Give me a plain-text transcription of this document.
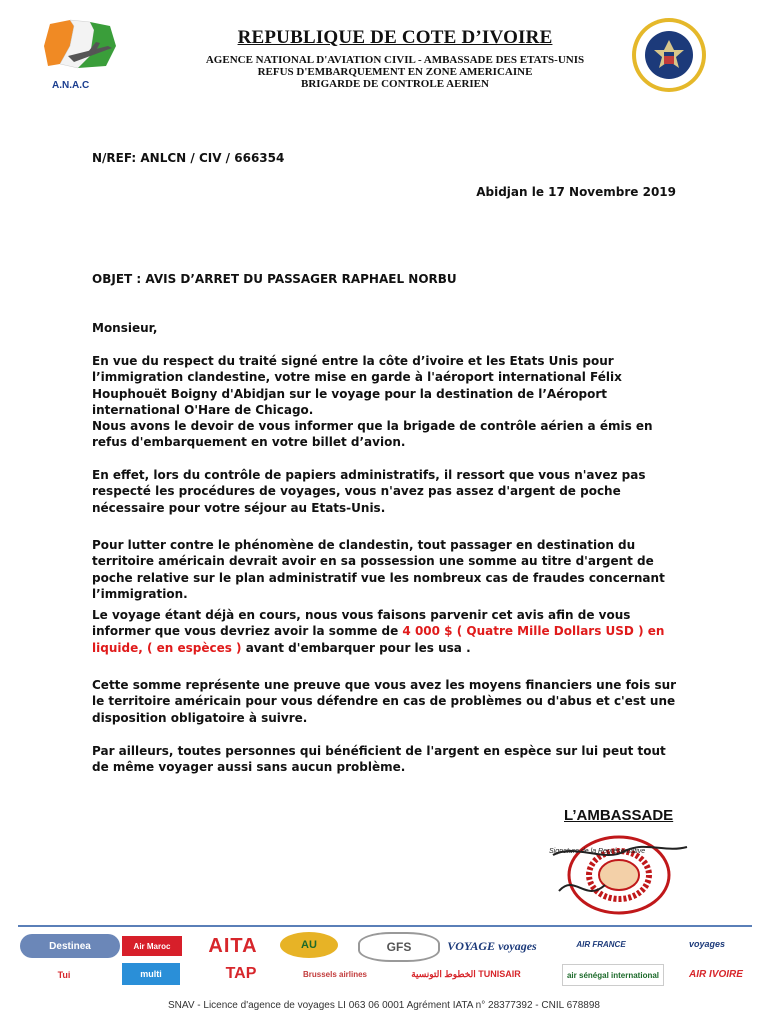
A.N.A.C
REPUBLIQUE DE COTE D’IVOIRE
AGENCE NATIONAL D'AVIATION CIVIL - AMBASSADE DES ETATS-UNIS
REFUS D'EMBARQUEMENT EN ZONE AMERICAINE
BRIGARDE DE CONTROLE AERIEN
N/REF: ANLCN / CIV / 666354
Abidjan le 17 Novembre 2019
OBJET : AVIS D’ARRET DU PASSAGER RAPHAEL NORBU
Monsieur,
En vue du respect du traité signé entre la côte d’ivoire et les Etats Unis pour l’immigration clandestine, votre mise en garde à l'aéroport international Félix Houphouët Boigny d'Abidjan sur le voyage pour la destination de l’Aéroport international O'Hare de Chicago.
Nous avons le devoir de vous informer que la brigade de contrôle aérien a émis en refus d'embarquement en votre billet d’avion.
En effet, lors du contrôle de papiers administratifs, il ressort que vous n'avez pas respecté les procédures de voyages, vous n'avez pas assez d'argent de poche nécessaire pour votre séjour au Etats-Unis.
Pour lutter contre le phénomène de clandestin, tout passager en destination du territoire américain devrait avoir en sa possession une somme au titre d'argent de poche relative sur le plan administratif vue les nombreux cas de fraudes concernant l’immigration.
Le voyage étant déjà en cours, nous vous faisons parvenir cet avis afin de vous informer que vous devriez avoir la somme de 4 000 $ ( Quatre Mille Dollars USD ) en liquide, ( en espèces ) avant d'embarquer pour les usa .
Cette somme représente une preuve que vous avez les moyens financiers une fois sur le territoire américain pour vous défendre en cas de problèmes ou d'abus et c'est une disposition obligatoire à suivre.
Par ailleurs, toutes personnes qui bénéficient de l'argent en espèce sur lui peut tout de même voyager aussi sans aucun problème.
L’AMBASSADE
Signature de la Représentative
Destinea	Air Maroc	AITA	AU	GFS	VOYAGE voyages	AIR FRANCE	voyages
Tui	multi	TAP	Brussels airlines	الخطوط التونسية TUNISAIR	air sénégal international	AIR IVOIRE
SNAV - Licence d'agence de voyages LI 063 06 0001 Agrément IATA n° 28377392 - CNIL 678898
